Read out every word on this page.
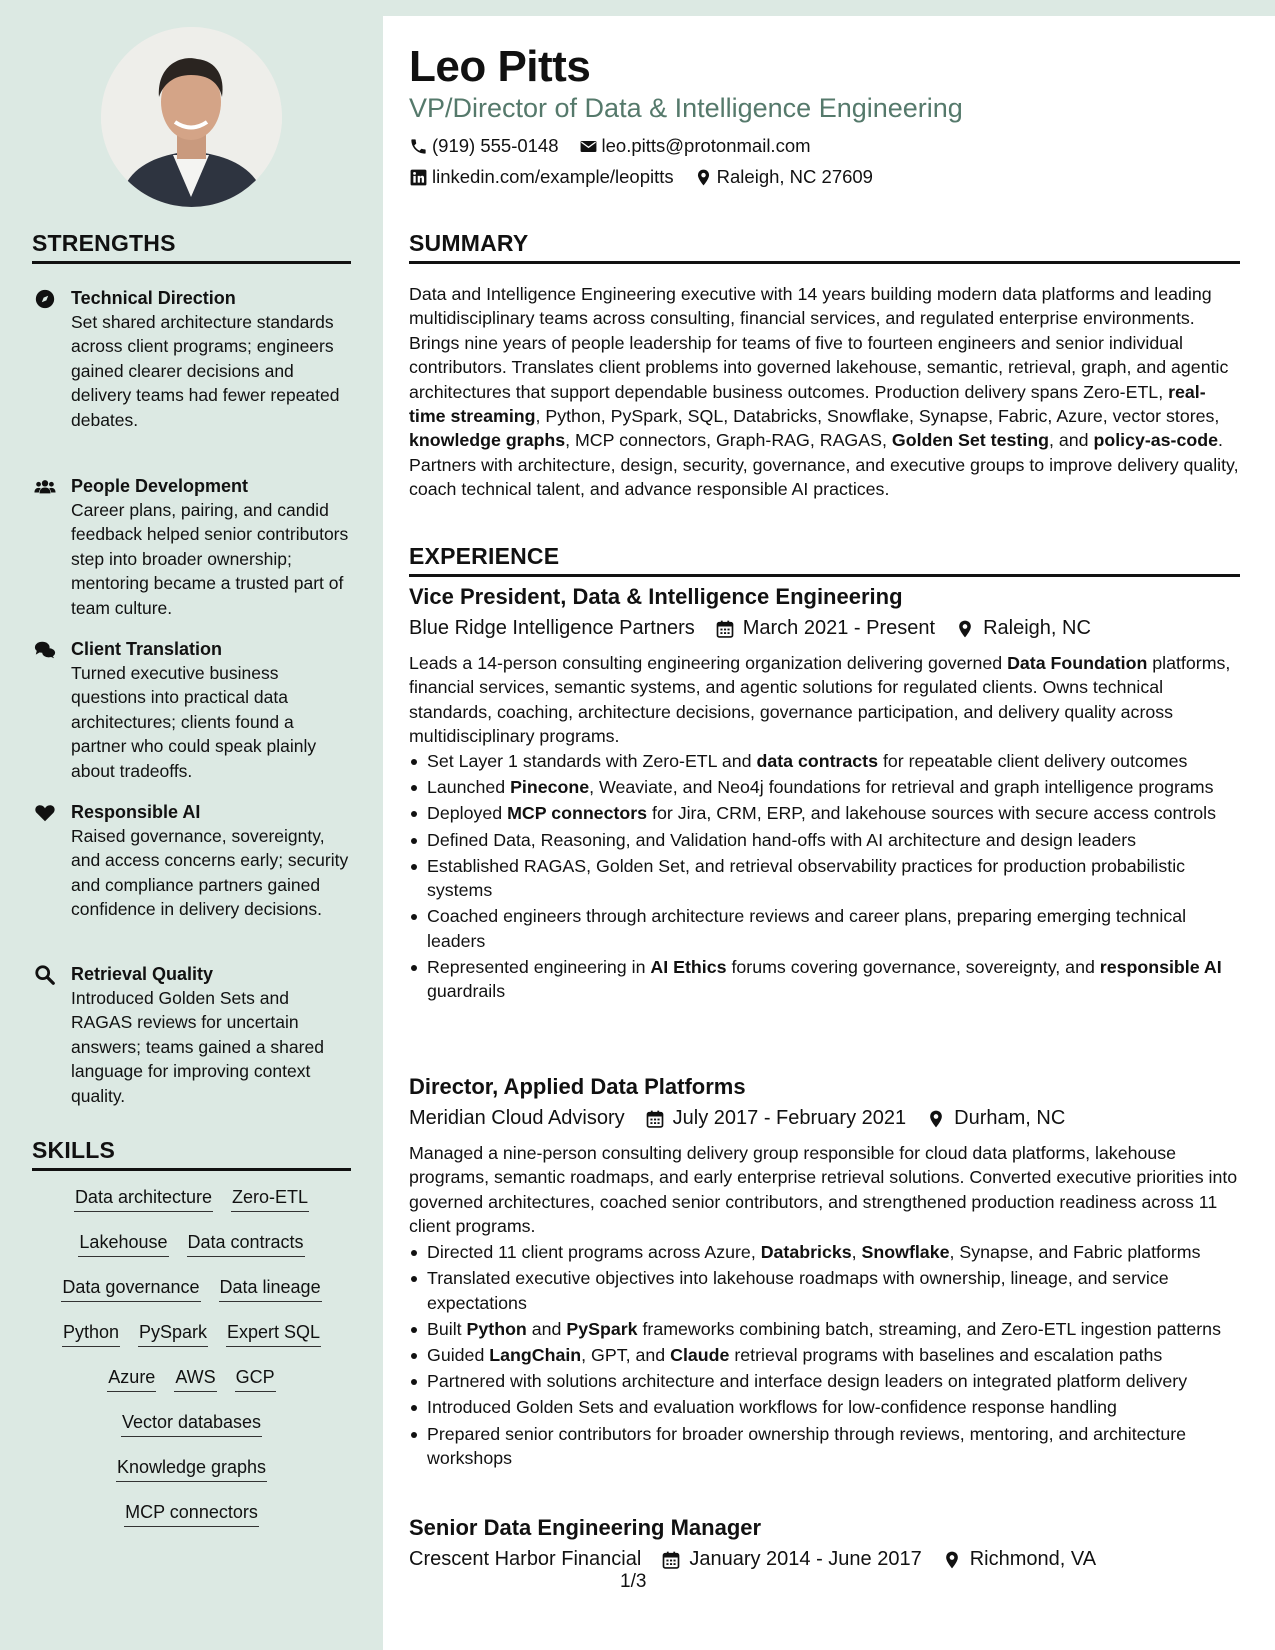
STRENGTHS
Technical Direction
Set shared architecture standards across client programs; engineers gained clearer decisions and delivery teams had fewer repeated debates.
People Development
Career plans, pairing, and candid feedback helped senior contributors step into broader ownership; mentoring became a trusted part of team culture.
Client Translation
Turned executive business questions into practical data architectures; clients found a partner who could speak plainly about tradeoffs.
Responsible AI
Raised governance, sovereignty, and access concerns early; security and compliance partners gained confidence in delivery decisions.
Retrieval Quality
Introduced Golden Sets and RAGAS reviews for uncertain answers; teams gained a shared language for improving context quality.
SKILLS
Data architecture Zero-ETL
Lakehouse Data contracts
Data governance Data lineage
Python PySpark Expert SQL
Azure AWS GCP
Vector databases
Knowledge graphs
MCP connectors
Leo Pitts
VP/Director of Data & Intelligence Engineering
(919) 555-0148 leo.pitts@protonmail.com
linkedin.com/example/leopitts Raleigh, NC 27609
SUMMARY
Data and Intelligence Engineering executive with 14 years building modern data platforms and leading multidisciplinary teams across consulting, financial services, and regulated enterprise environments. Brings nine years of people leadership for teams of five to fourteen engineers and senior individual contributors. Translates client problems into governed lakehouse, semantic, retrieval, graph, and agentic architectures that support dependable business outcomes. Production delivery spans Zero-ETL, real-time streaming, Python, PySpark, SQL, Databricks, Snowflake, Synapse, Fabric, Azure, vector stores, knowledge graphs, MCP connectors, Graph-RAG, RAGAS, Golden Set testing, and policy-as-code. Partners with architecture, design, security, governance, and executive groups to improve delivery quality, coach technical talent, and advance responsible AI practices.
EXPERIENCE
Vice President, Data & Intelligence Engineering
Blue Ridge Intelligence Partners March 2021 - Present Raleigh, NC
Leads a 14-person consulting engineering organization delivering governed Data Foundation platforms, financial services, semantic systems, and agentic solutions for regulated clients. Owns technical standards, coaching, architecture decisions, governance participation, and delivery quality across multidisciplinary programs.
Set Layer 1 standards with Zero-ETL and data contracts for repeatable client delivery outcomes
Launched Pinecone, Weaviate, and Neo4j foundations for retrieval and graph intelligence programs
Deployed MCP connectors for Jira, CRM, ERP, and lakehouse sources with secure access controls
Defined Data, Reasoning, and Validation hand-offs with AI architecture and design leaders
Established RAGAS, Golden Set, and retrieval observability practices for production probabilistic systems
Coached engineers through architecture reviews and career plans, preparing emerging technical leaders
Represented engineering in AI Ethics forums covering governance, sovereignty, and responsible AI guardrails
Director, Applied Data Platforms
Meridian Cloud Advisory July 2017 - February 2021 Durham, NC
Managed a nine-person consulting delivery group responsible for cloud data platforms, lakehouse programs, semantic roadmaps, and early enterprise retrieval solutions. Converted executive priorities into governed architectures, coached senior contributors, and strengthened production readiness across 11 client programs.
Directed 11 client programs across Azure, Databricks, Snowflake, Synapse, and Fabric platforms
Translated executive objectives into lakehouse roadmaps with ownership, lineage, and service expectations
Built Python and PySpark frameworks combining batch, streaming, and Zero-ETL ingestion patterns
Guided LangChain, GPT, and Claude retrieval programs with baselines and escalation paths
Partnered with solutions architecture and interface design leaders on integrated platform delivery
Introduced Golden Sets and evaluation workflows for low-confidence response handling
Prepared senior contributors for broader ownership through reviews, mentoring, and architecture workshops
Senior Data Engineering Manager
Crescent Harbor Financial January 2014 - June 2017 Richmond, VA
1/3
